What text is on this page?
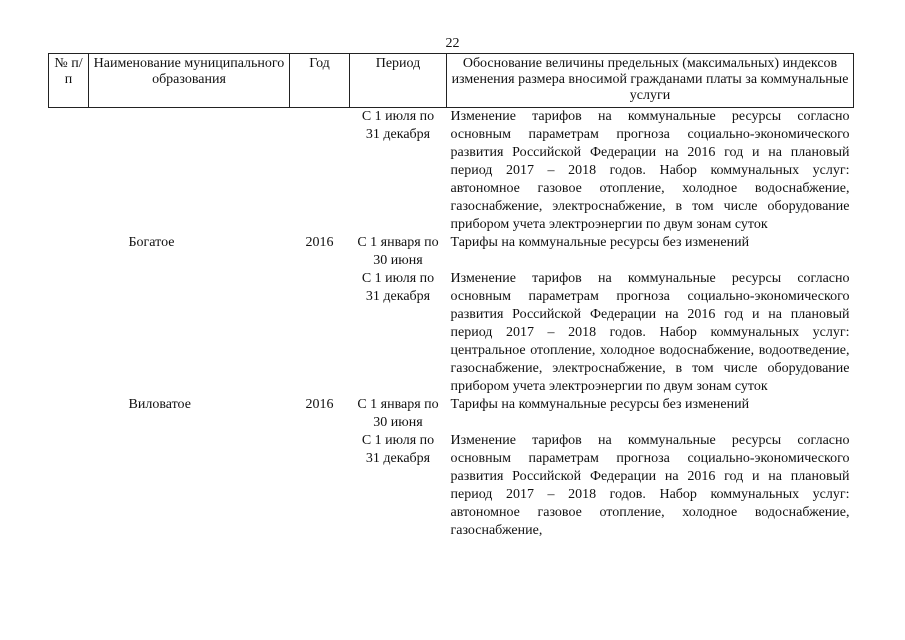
22
№ п/п	Наименование муниципального образования	Год	Период	Обоснование величины предельных (максимальных) индексов изменения размера вносимой гражданами платы за коммунальные услуги
			С 1 июля по 31 декабря	Изменение тарифов на коммунальные ресурсы согласно основным параметрам прогноза социально-экономического развития Российской Федерации на 2016 год и на плановый период 2017 – 2018 годов. Набор коммунальных услуг: автономное газовое отопление, холодное водоснабжение, газоснабжение, электроснабжение, в том числе оборудование прибором учета электроэнергии по двум зонам суток
	Богатое	2016	С 1 января по 30 июня	Тарифы на коммунальные ресурсы без изменений
			С 1 июля по 31 декабря	Изменение тарифов на коммунальные ресурсы согласно основным параметрам прогноза социально-экономического развития Российской Федерации на 2016 год и на плановый период 2017 – 2018 годов. Набор коммунальных услуг: центральное отопление, холодное водоснабжение, водоотведение, газоснабжение, электроснабжение, в том числе оборудование прибором учета электроэнергии по двум зонам суток
	Виловатое	2016	С 1 января по 30 июня	Тарифы на коммунальные ресурсы без изменений
			С 1 июля по 31 декабря	Изменение тарифов на коммунальные ресурсы согласно основным параметрам прогноза социально-экономического развития Российской Федерации на 2016 год и на плановый период 2017 – 2018 годов. Набор коммунальных услуг: автономное газовое отопление, холодное водоснабжение, газоснабжение,
